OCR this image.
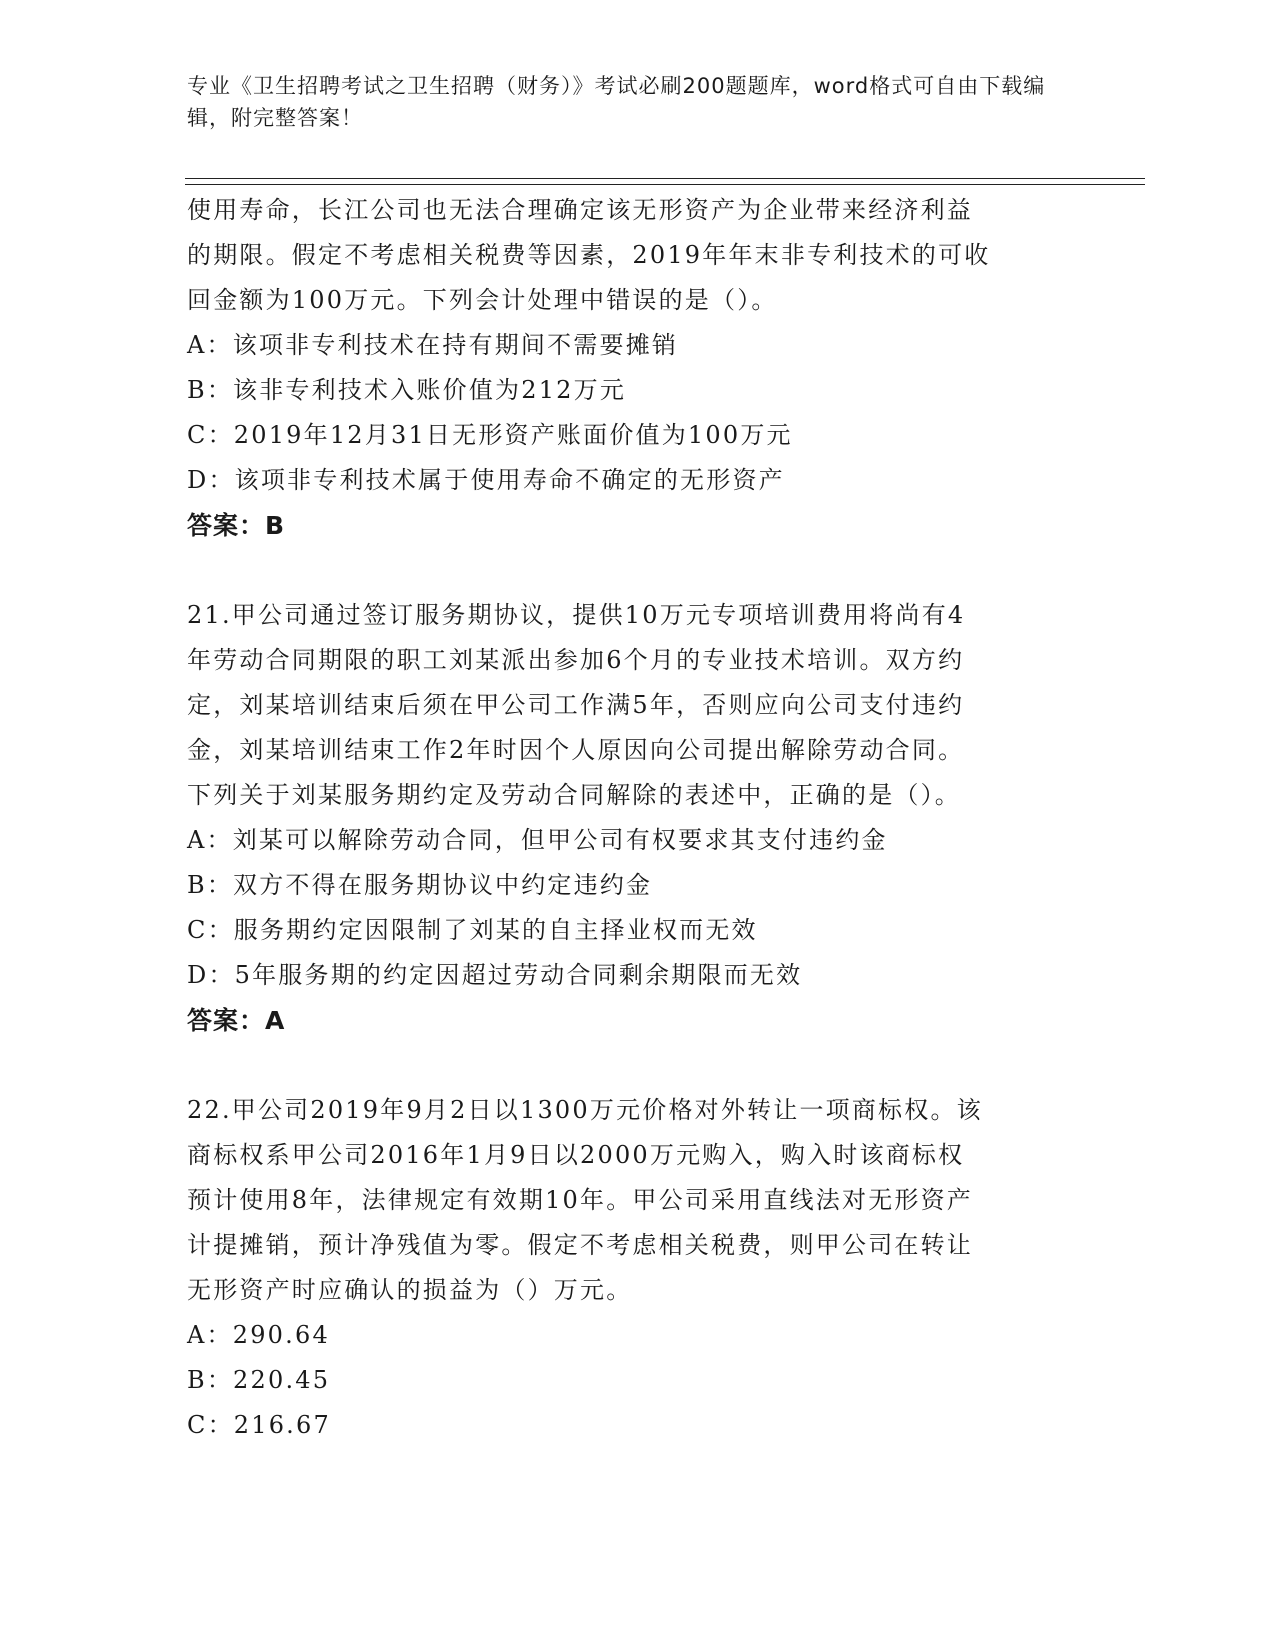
专业《卫生招聘考试之卫生招聘（财务）》考试必刷200题题库，word格式可自由下载编辑，附完整答案！

使用寿命，长江公司也无法合理确定该无形资产为企业带来经济利益

的期限。假定不考虑相关税费等因素，2019年年末非专利技术的可收

回金额为100万元。下列会计处理中错误的是（）。

A：该项非专利技术在持有期间不需要摊销

B：该非专利技术入账价值为212万元

C：2019年12月31日无形资产账面价值为100万元

D：该项非专利技术属于使用寿命不确定的无形资产

答案：B

21.甲公司通过签订服务期协议，提供10万元专项培训费用将尚有4

年劳动合同期限的职工刘某派出参加6个月的专业技术培训。双方约

定，刘某培训结束后须在甲公司工作满5年，否则应向公司支付违约

金，刘某培训结束工作2年时因个人原因向公司提出解除劳动合同。

下列关于刘某服务期约定及劳动合同解除的表述中，正确的是（）。

A：刘某可以解除劳动合同，但甲公司有权要求其支付违约金

B：双方不得在服务期协议中约定违约金

C：服务期约定因限制了刘某的自主择业权而无效

D：5年服务期的约定因超过劳动合同剩余期限而无效

答案：A

22.甲公司2019年9月2日以1300万元价格对外转让一项商标权。该

商标权系甲公司2016年1月9日以2000万元购入，购入时该商标权

预计使用8年，法律规定有效期10年。甲公司采用直线法对无形资产

计提摊销，预计净残值为零。假定不考虑相关税费，则甲公司在转让

无形资产时应确认的损益为（）万元。

A：290.64

B：220.45

C：216.67
